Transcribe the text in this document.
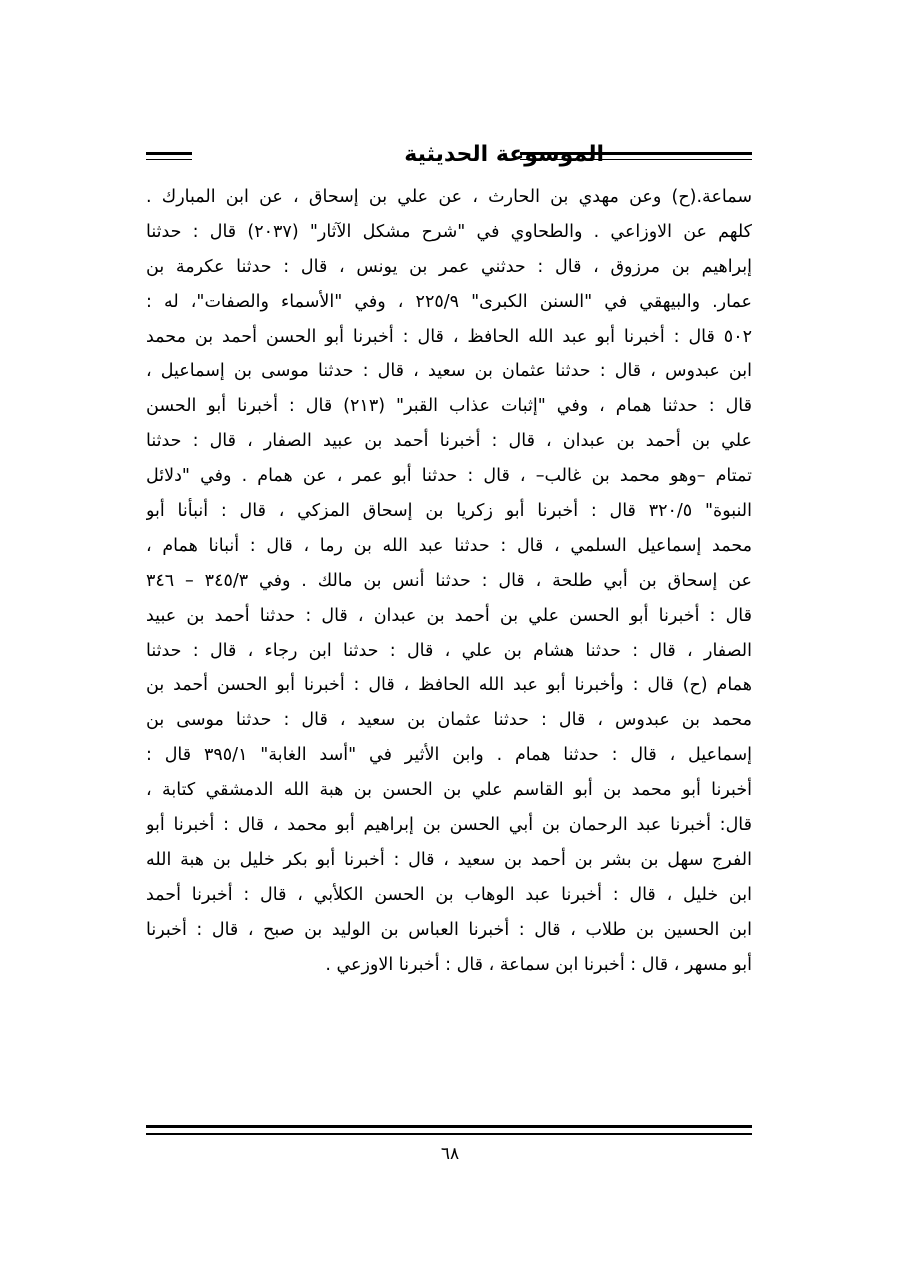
الموسوعة الحديثية
سماعة.(ح) وعن مهدي بن الحارث ، عن علي بن إسحاق ، عن ابن المبارك .
كلهم عن الاوزاعي . والطحاوي في "شرح مشكل الآثار" (٢٠٣٧) قال : حدثنا
إبراهيم بن مرزوق ، قال : حدثني عمر بن يونس ، قال : حدثنا عكرمة بن
عمار. والبيهقي في "السنن الكبرى" ٢٢٥/٩ ، وفي "الأسماء والصفات"، له :
٥٠٢ قال : أخبرنا أبو عبد الله الحافظ ، قال : أخبرنا أبو الحسن أحمد بن محمد
ابن عبدوس ، قال : حدثنا عثمان بن سعيد ، قال : حدثنا موسى بن إسماعيل ،
قال : حدثنا همام ، وفي "إثبات عذاب القبر" (٢١٣) قال : أخبرنا أبو الحسن
علي بن أحمد بن عبدان ، قال : أخبرنا أحمد بن عبيد الصفار ، قال : حدثنا
تمتام –وهو محمد بن غالب– ، قال : حدثنا أبو عمر ، عن همام . وفي "دلائل
النبوة" ٣٢٠/٥ قال : أخبرنا أبو زكريا بن إسحاق المزكي ، قال : أنبأنا أبو
محمد إسماعيل السلمي ، قال : حدثنا عبد الله بن رما ، قال : أنبانا همام ،
عن إسحاق بن أبي طلحة ، قال : حدثنا أنس بن مالك . وفي ٣٤٥/٣ – ٣٤٦
قال : أخبرنا أبو الحسن علي بن أحمد بن عبدان ، قال : حدثنا أحمد بن عبيد
الصفار ، قال : حدثنا هشام بن علي ، قال : حدثنا ابن رجاء ، قال : حدثنا
همام (ح) قال : وأخبرنا أبو عبد الله الحافظ ، قال : أخبرنا أبو الحسن أحمد بن
محمد بن عبدوس ، قال : حدثنا عثمان بن سعيد ، قال : حدثنا موسى بن
إسماعيل ، قال : حدثنا همام . وابن الأثير في "أسد الغابة" ٣٩٥/١ قال :
أخبرنا أبو محمد بن أبو القاسم علي بن الحسن بن هبة الله الدمشقي كتابة ،
قال: أخبرنا عبد الرحمان بن أبي الحسن بن إبراهيم أبو محمد ، قال : أخبرنا أبو
الفرج سهل بن بشر بن أحمد بن سعيد ، قال : أخبرنا أبو بكر خليل بن هبة الله
ابن خليل ، قال : أخبرنا عبد الوهاب بن الحسن الكلأبي ، قال : أخبرنا أحمد
ابن الحسين بن طلاب ، قال : أخبرنا العباس بن الوليد بن صبح ، قال : أخبرنا
أبو مسهر ، قال : أخبرنا ابن سماعة ، قال : أخبرنا الاوزعي .
٦٨
